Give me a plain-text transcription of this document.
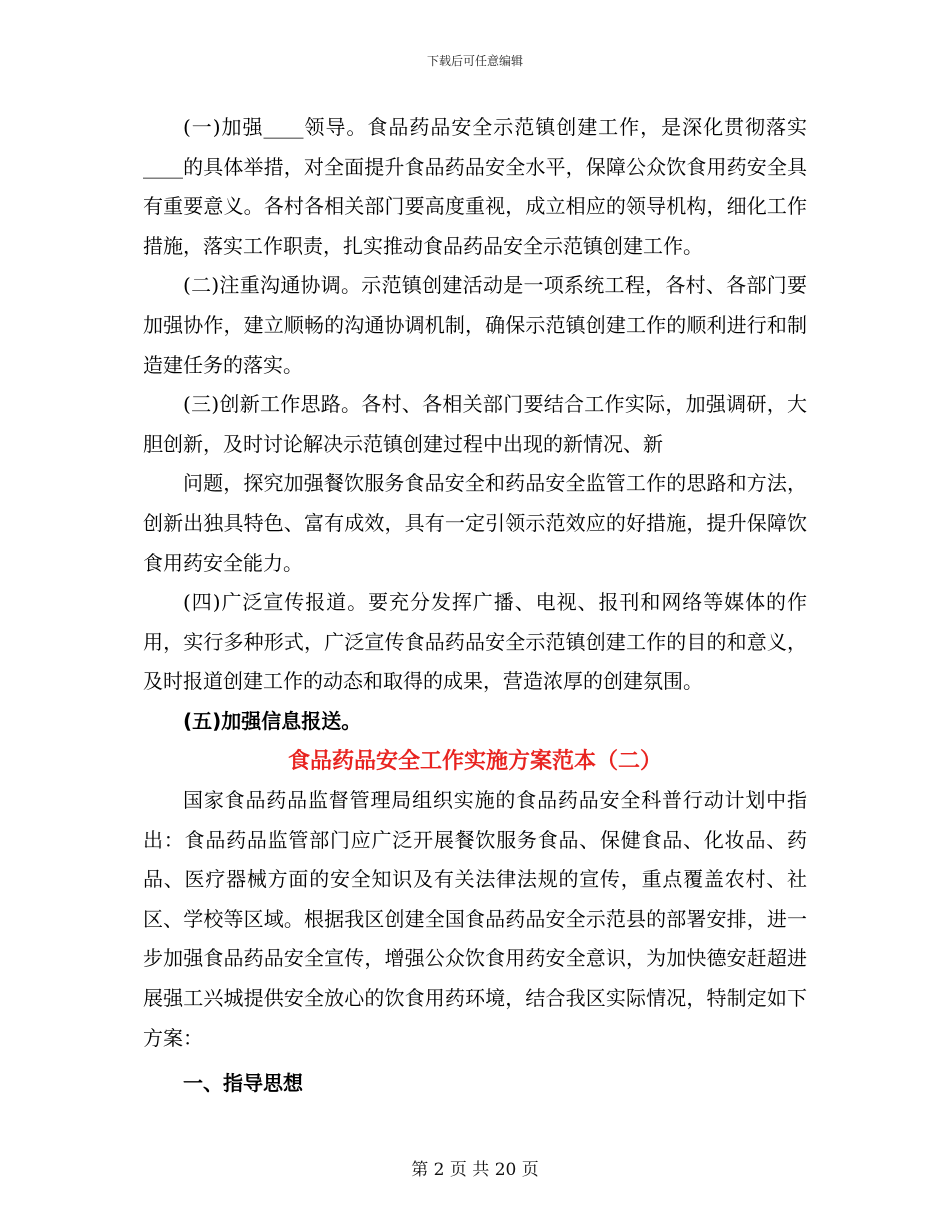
下载后可任意编辑

(一)加强____领导。食品药品安全示范镇创建工作，是深化贯彻落实____的具体举措，对全面提升食品药品安全水平，保障公众饮食用药安全具有重要意义。各村各相关部门要高度重视，成立相应的领导机构，细化工作措施，落实工作职责，扎实推动食品药品安全示范镇创建工作。

(二)注重沟通协调。示范镇创建活动是一项系统工程，各村、各部门要加强协作，建立顺畅的沟通协调机制，确保示范镇创建工作的顺利进行和制造建任务的落实。

(三)创新工作思路。各村、各相关部门要结合工作实际，加强调研，大胆创新，及时讨论解决示范镇创建过程中出现的新情况、新

问题，探究加强餐饮服务食品安全和药品安全监管工作的思路和方法，创新出独具特色、富有成效，具有一定引领示范效应的好措施，提升保障饮食用药安全能力。

(四)广泛宣传报道。要充分发挥广播、电视、报刊和网络等媒体的作用，实行多种形式，广泛宣传食品药品安全示范镇创建工作的目的和意义，及时报道创建工作的动态和取得的成果，营造浓厚的创建氛围。

(五)加强信息报送。

食品药品安全工作实施方案范本（二）

国家食品药品监督管理局组织实施的食品药品安全科普行动计划中指出：食品药品监管部门应广泛开展餐饮服务食品、保健食品、化妆品、药品、医疗器械方面的安全知识及有关法律法规的宣传，重点覆盖农村、社区、学校等区域。根据我区创建全国食品药品安全示范县的部署安排，进一步加强食品药品安全宣传，增强公众饮食用药安全意识，为加快德安赶超进展强工兴城提供安全放心的饮食用药环境，结合我区实际情况，特制定如下方案：

一、指导思想

第 2 页 共 20 页
